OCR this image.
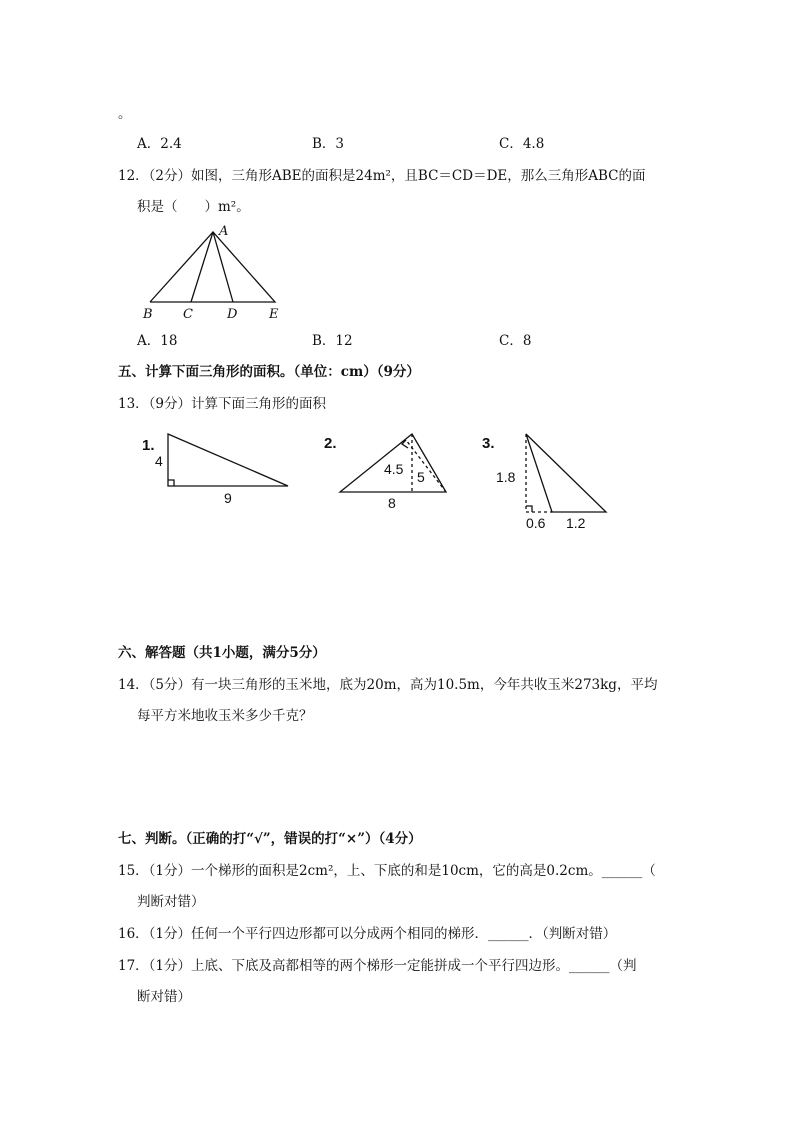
。
A．2.4	B．3	C．4.8
12．（2分）如图，三角形ABE的面积是24m²，且BC＝CD＝DE，那么三角形ABC的面
积是（　　）m²。
A
B C	D E
A．18	B．12	C．8
五、计算下面三角形的面积。（单位：cm）（9分）
13．（9分）计算下面三角形的面积
1.
4
9
2.
4.5 5
8
3.
1.8
0.6 1.2
六、解答题（共1小题，满分5分）
14．（5分）有一块三角形的玉米地，底为20m，高为10.5m，今年共收玉米273kg，平均
每平方米地收玉米多少千克？
七、判断。（正确的打“√”，错误的打“×”）（4分）
15．（1分）一个梯形的面积是2cm²，上、下底的和是10cm，它的高是0.2cm。______（
判断对错）
16．（1分）任何一个平行四边形都可以分成两个相同的梯形．______．（判断对错）
17．（1分）上底、下底及高都相等的两个梯形一定能拼成一个平行四边形。______（判
断对错）
